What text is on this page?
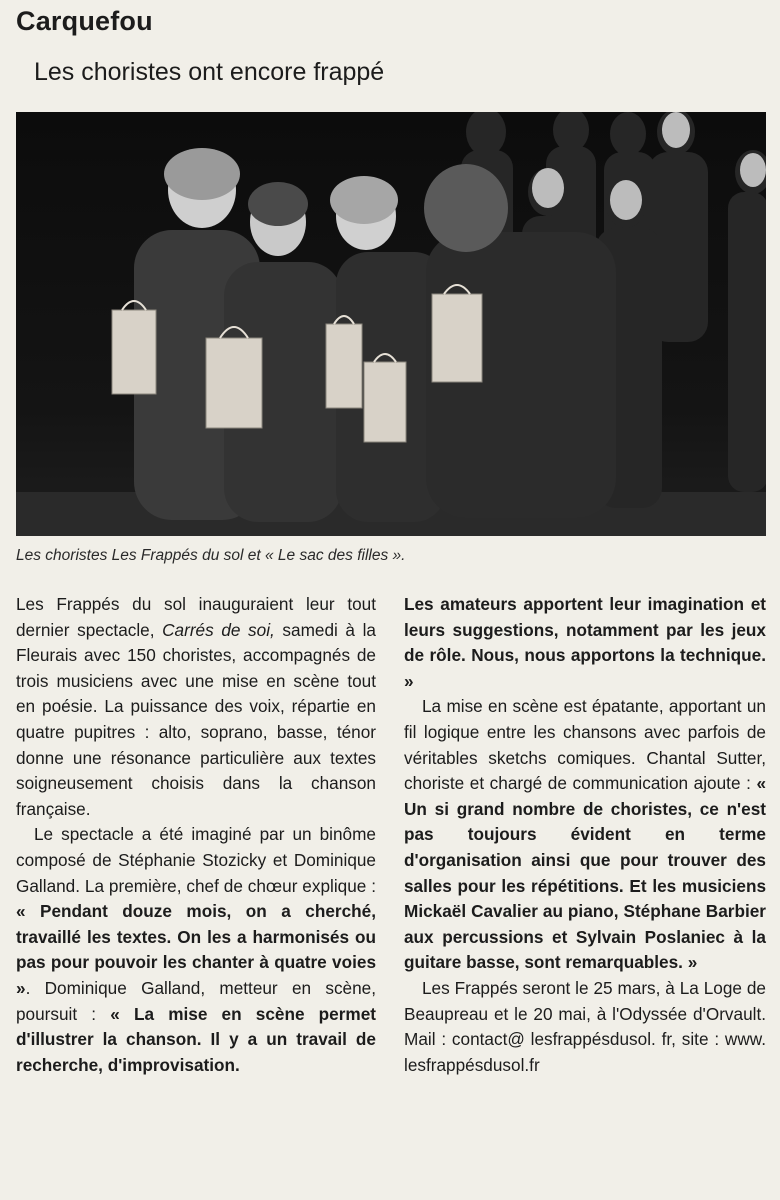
Carquefou
Les choristes ont encore frappé
Les choristes Les Frappés du sol et « Le sac des filles ».

Les Frappés du sol inauguraient leur tout dernier spectacle, Carrés de soi, samedi à la Fleurais avec 150 choristes, accompagnés de trois musiciens avec une mise en scène tout en poésie. La puissance des voix, répartie en quatre pupitres : alto, soprano, basse, ténor donne une résonance particulière aux textes soigneusement choisis dans la chanson française.

Le spectacle a été imaginé par un binôme composé de Stéphanie Stozicky et Dominique Galland. La première, chef de chœur explique : « Pendant douze mois, on a cherché, travaillé les textes. On les a harmonisés ou pas pour pouvoir les chanter à quatre voies ». Dominique Galland, metteur en scène, poursuit : « La mise en scène permet d'illustrer la chanson. Il y a un travail de recherche, d'improvisation.

Les amateurs apportent leur imagination et leurs suggestions, notamment par les jeux de rôle. Nous, nous apportons la technique. »

La mise en scène est épatante, apportant un fil logique entre les chansons avec parfois de véritables sketchs comiques. Chantal Sutter, choriste et chargé de communication ajoute : « Un si grand nombre de choristes, ce n'est pas toujours évident en terme d'organisation ainsi que pour trouver des salles pour les répétitions. Et les musiciens Mickaël Cavalier au piano, Stéphane Barbier aux percussions et Sylvain Poslaniec à la guitare basse, sont remarquables. »

Les Frappés seront le 25 mars, à La Loge de Beaupreau et le 20 mai, à l'Odyssée d'Orvault. Mail : contact@ lesfrappésdusol. fr, site : www. lesfrappésdusol.fr
